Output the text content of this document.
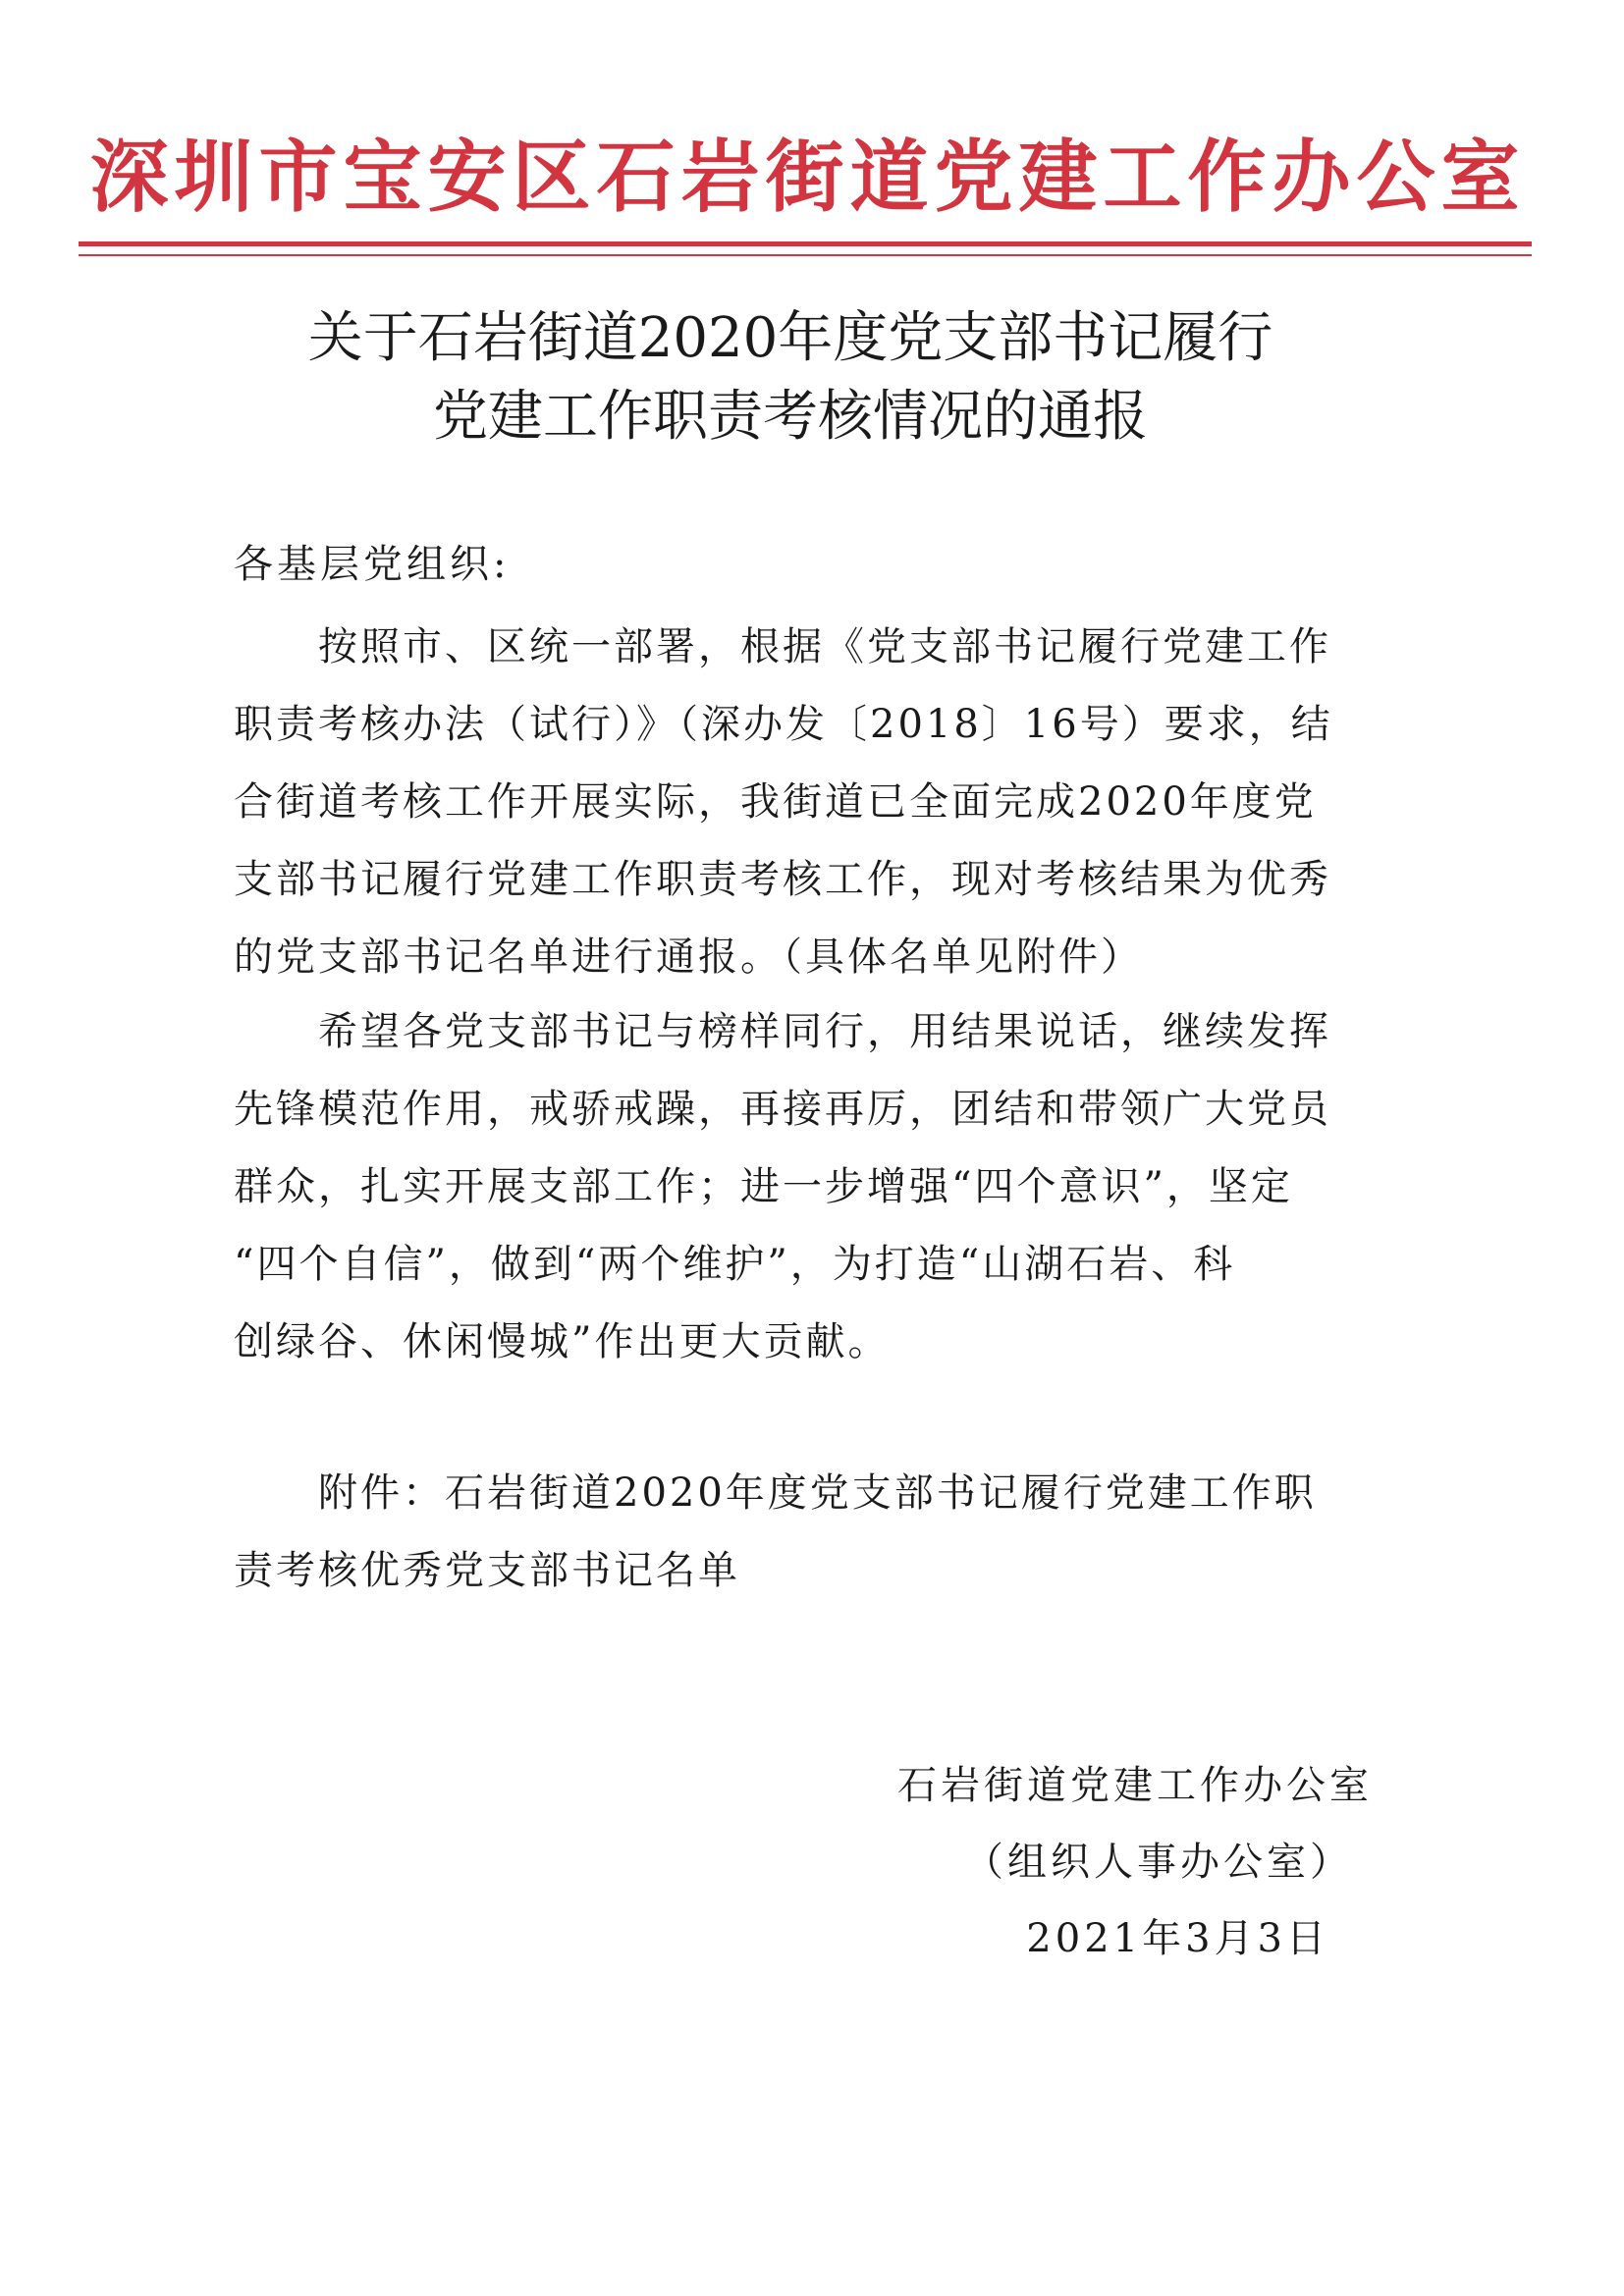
深圳市宝安区石岩街道党建工作办公室
关于石岩街道2020年度党支部书记履行
党建工作职责考核情况的通报
各基层党组织:
按照市、区统一部署，根据《党支部书记履行党建工作
职责考核办法（试行）》（深办发〔2018〕16号）要求，结
合街道考核工作开展实际，我街道已全面完成2020年度党
支部书记履行党建工作职责考核工作，现对考核结果为优秀
的党支部书记名单进行通报。（具体名单见附件）
希望各党支部书记与榜样同行，用结果说话，继续发挥
先锋模范作用，戒骄戒躁，再接再厉，团结和带领广大党员
群众，扎实开展支部工作；进一步增强“四个意识”，坚定
“四个自信”，做到“两个维护”，为打造“山湖石岩、科
创绿谷、休闲慢城”作出更大贡献。
附件：石岩街道2020年度党支部书记履行党建工作职
责考核优秀党支部书记名单
石岩街道党建工作办公室
（组织人事办公室）
2021年3月3日
